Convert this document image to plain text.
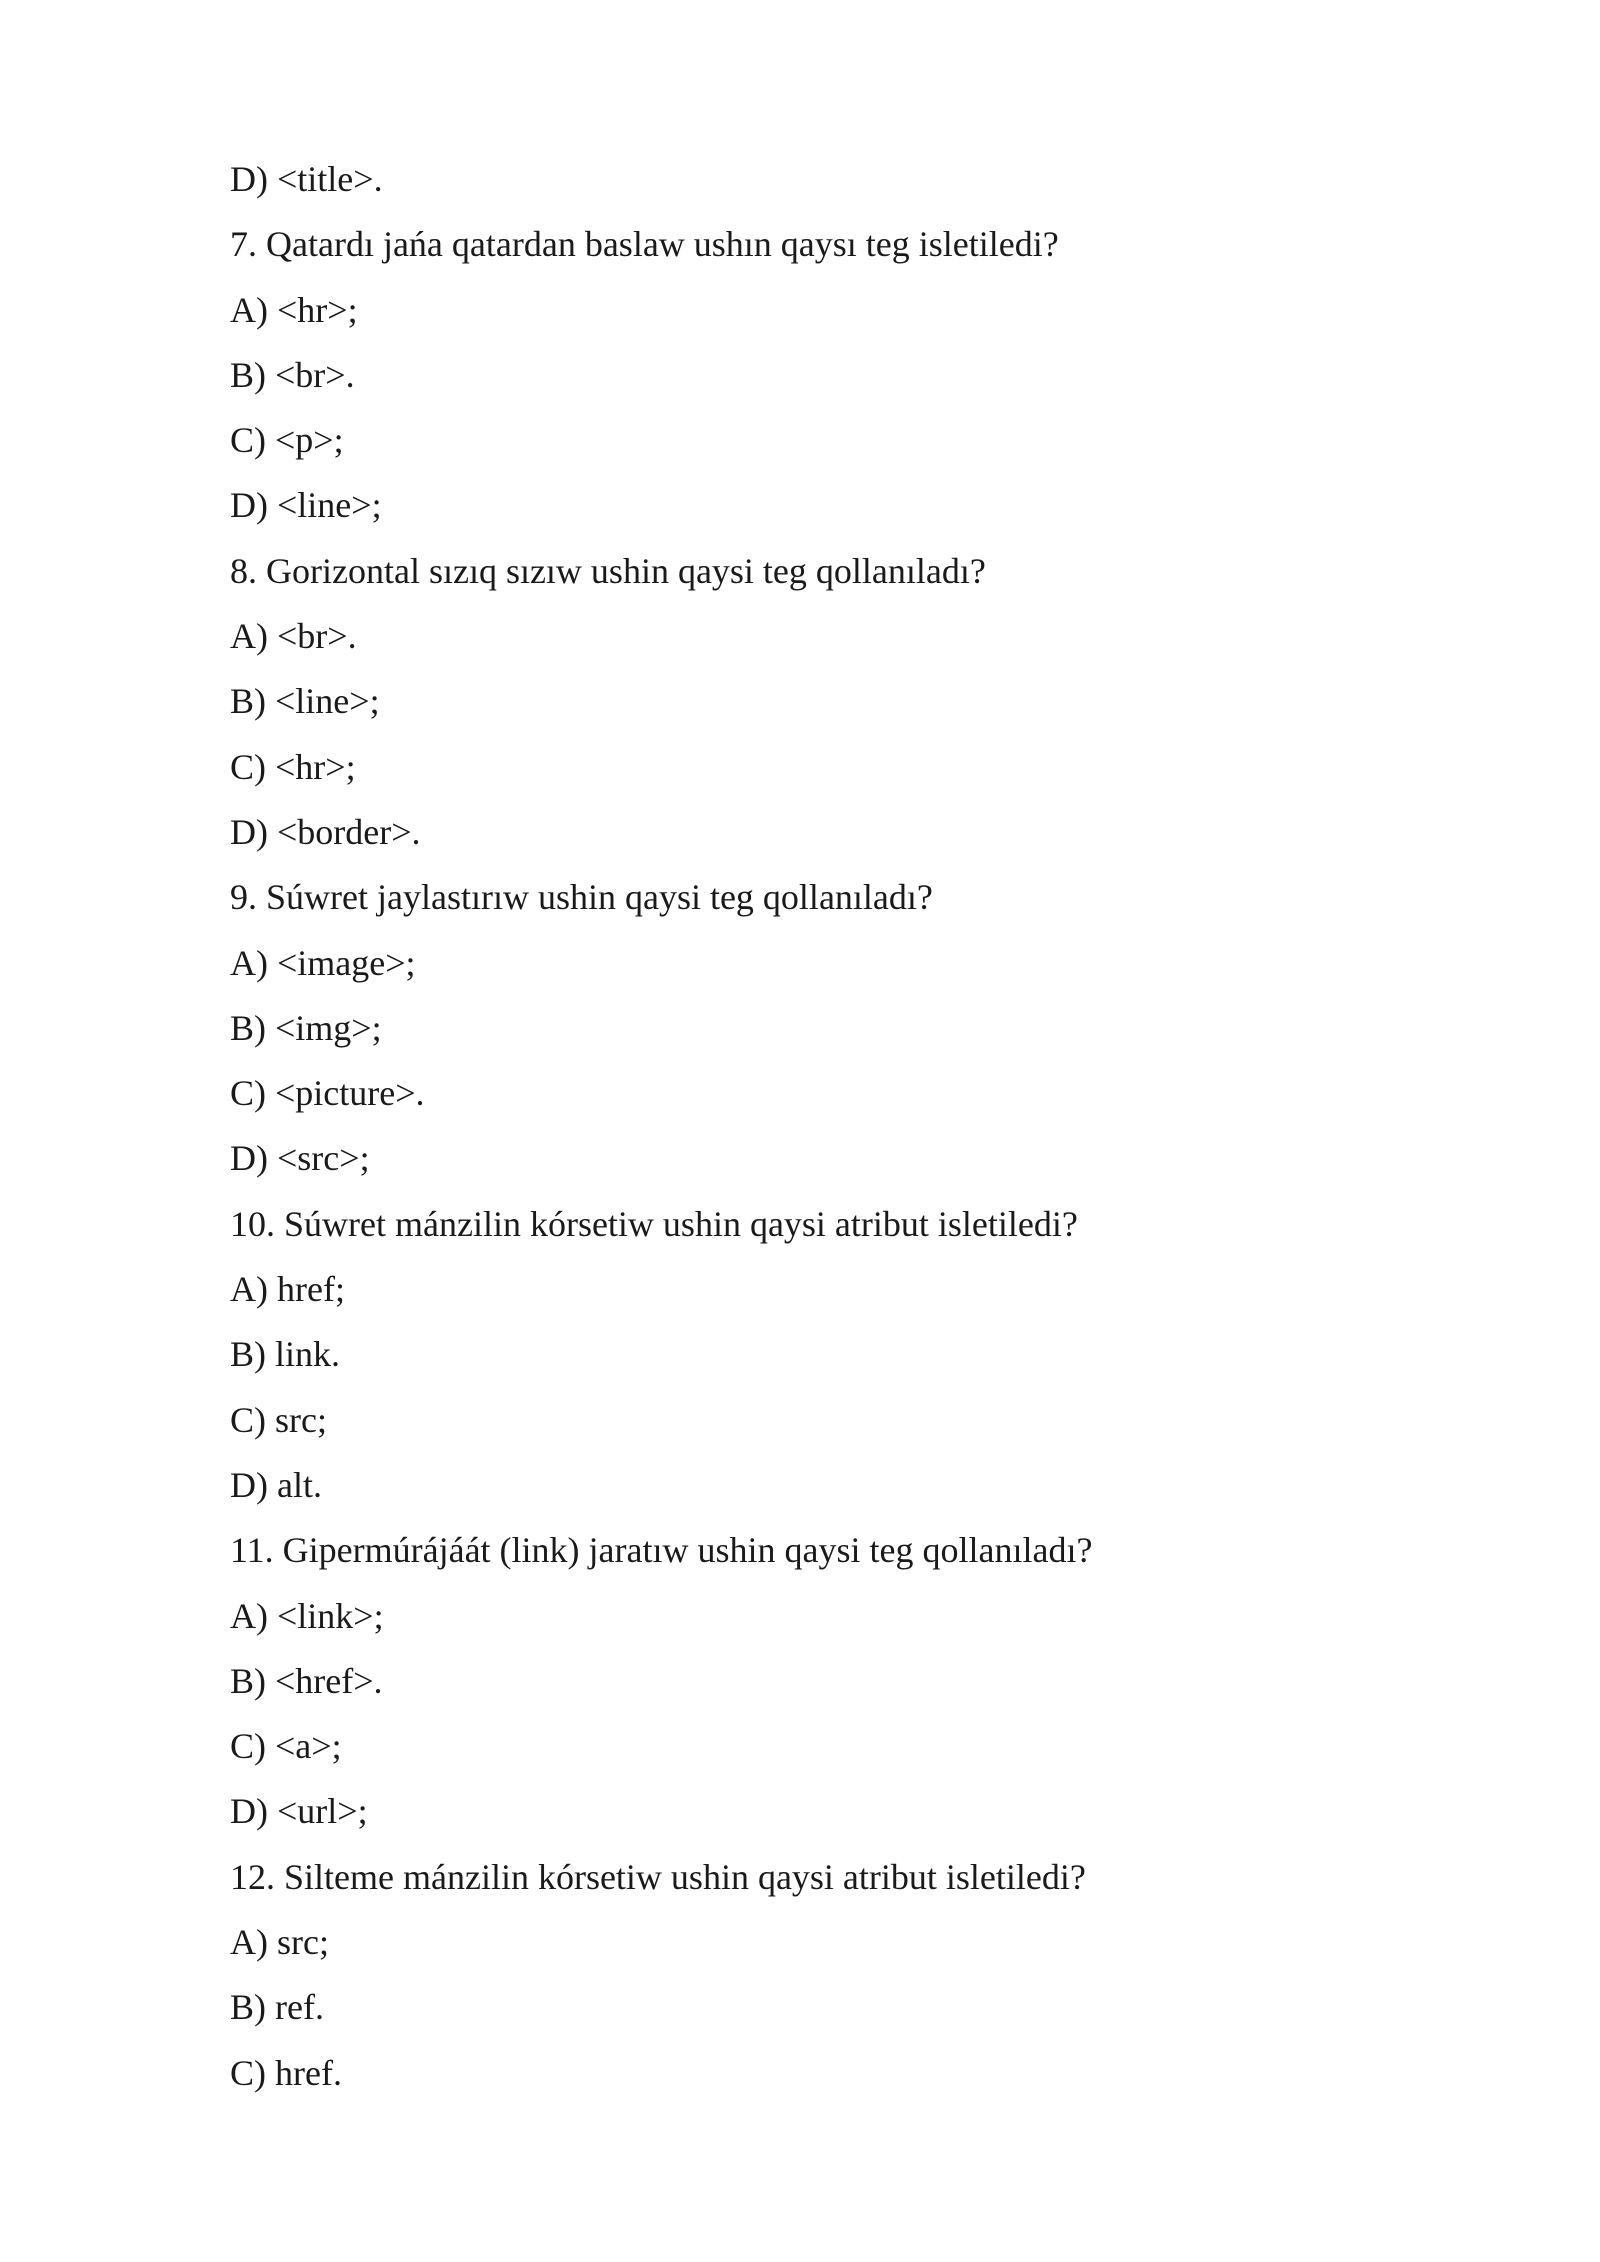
D) <title>.
7. Qatardı jańa qatardan baslaw ushın qaysı teg isletiledi?
A) <hr>;
B) <br>.
C) <p>;
D) <line>;
8. Gorizontal sızıq sızıw ushin qaysi teg qollanıladı?
A) <br>.
B) <line>;
C) <hr>;
D) <border>.
9. Súwret jaylastırıw ushin qaysi teg qollanıladı?
A) <image>;
B) <img>;
C) <picture>.
D) <src>;
10. Súwret mánzilin kórsetiw ushin qaysi atribut isletiledi?
A) href;
B) link.
C) src;
D) alt.
11. Gipermúrájáát (link) jaratıw ushin qaysi teg qollanıladı?
A) <link>;
B) <href>.
C) <a>;
D) <url>;
12. Silteme mánzilin kórsetiw ushin qaysi atribut isletiledi?
A) src;
B) ref.
C) href.
